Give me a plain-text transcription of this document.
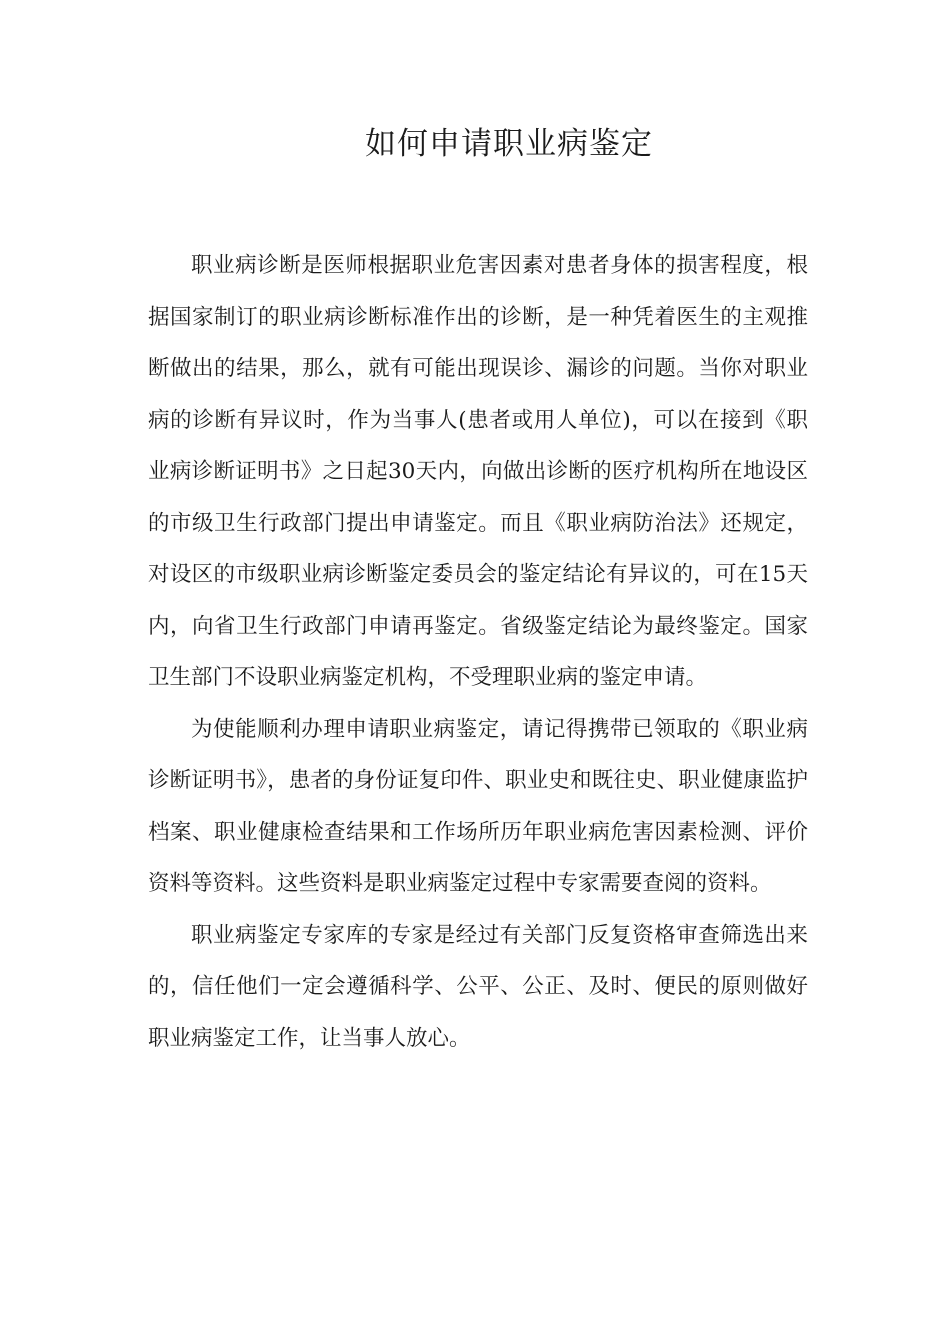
如何申请职业病鉴定

职业病诊断是医师根据职业危害因素对患者身体的损害程度，根据国家制订的职业病诊断标准作出的诊断，是一种凭着医生的主观推断做出的结果，那么，就有可能出现误诊、漏诊的问题。当你对职业病的诊断有异议时，作为当事人(患者或用人单位)，可以在接到《职业病诊断证明书》之日起30天内，向做出诊断的医疗机构所在地设区的市级卫生行政部门提出申请鉴定。而且《职业病防治法》还规定，对设区的市级职业病诊断鉴定委员会的鉴定结论有异议的，可在15天内，向省卫生行政部门申请再鉴定。省级鉴定结论为最终鉴定。国家卫生部门不设职业病鉴定机构，不受理职业病的鉴定申请。

为使能顺利办理申请职业病鉴定，请记得携带已领取的《职业病诊断证明书》，患者的身份证复印件、职业史和既往史、职业健康监护档案、职业健康检查结果和工作场所历年职业病危害因素检测、评价资料等资料。这些资料是职业病鉴定过程中专家需要查阅的资料。

职业病鉴定专家库的专家是经过有关部门反复资格审查筛选出来的，信任他们一定会遵循科学、公平、公正、及时、便民的原则做好职业病鉴定工作，让当事人放心。
